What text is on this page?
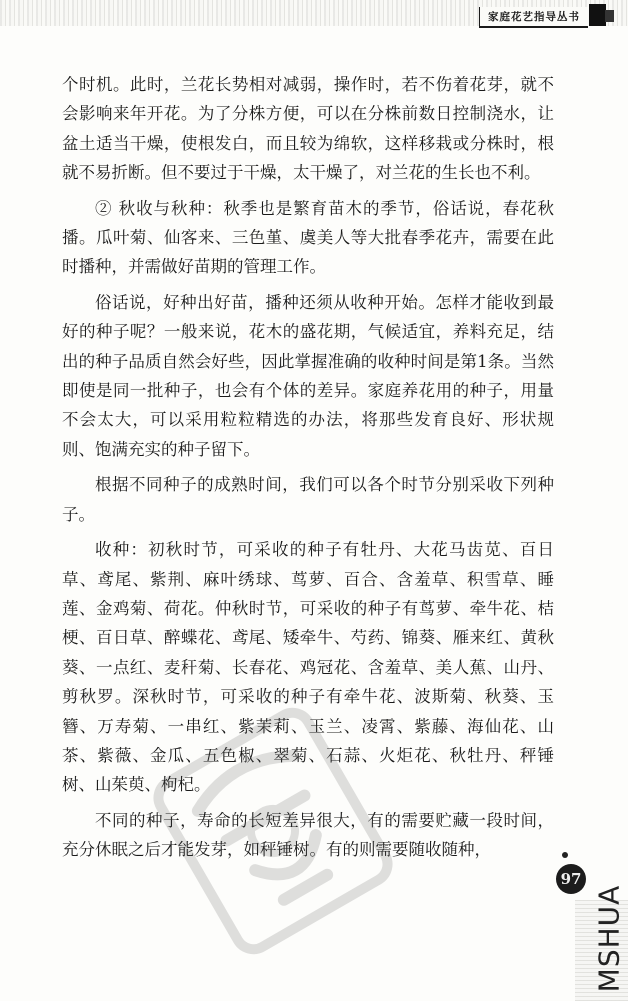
家庭花艺指导丛书

个时机。此时，兰花长势相对减弱，操作时，若不伤着花芽，就不会影响来年开花。为了分株方便，可以在分株前数日控制浇水，让盆土适当干燥，使根发白，而且较为绵软，这样移栽或分株时，根就不易折断。但不要过于干燥，太干燥了，对兰花的生长也不利。

② 秋收与秋种：秋季也是繁育苗木的季节，俗话说，春花秋播。瓜叶菊、仙客来、三色堇、虞美人等大批春季花卉，需要在此时播种，并需做好苗期的管理工作。

俗话说，好种出好苗，播种还须从收种开始。怎样才能收到最好的种子呢？一般来说，花木的盛花期，气候适宜，养料充足，结出的种子品质自然会好些，因此掌握准确的收种时间是第1条。当然即使是同一批种子，也会有个体的差异。家庭养花用的种子，用量不会太大，可以采用粒粒精选的办法，将那些发育良好、形状规则、饱满充实的种子留下。

根据不同种子的成熟时间，我们可以各个时节分别采收下列种子。

收种：初秋时节，可采收的种子有牡丹、大花马齿苋、百日草、鸢尾、紫荆、麻叶绣球、茑萝、百合、含羞草、积雪草、睡莲、金鸡菊、荷花。仲秋时节，可采收的种子有茑萝、牵牛花、桔梗、百日草、醉蝶花、鸢尾、矮牵牛、芍药、锦葵、雁来红、黄秋葵、一点红、麦秆菊、长春花、鸡冠花、含羞草、美人蕉、山丹、剪秋罗。深秋时节，可采收的种子有牵牛花、波斯菊、秋葵、玉簪、万寿菊、一串红、紫茉莉、玉兰、凌霄、紫藤、海仙花、山茶、紫薇、金瓜、五色椒、翠菊、石蒜、火炬花、秋牡丹、秤锤树、山茱萸、枸杞。

不同的种子，寿命的长短差异很大，有的需要贮藏一段时间，充分休眠之后才能发芽，如秤锤树。有的则需要随收随种，

97
MSHUA
